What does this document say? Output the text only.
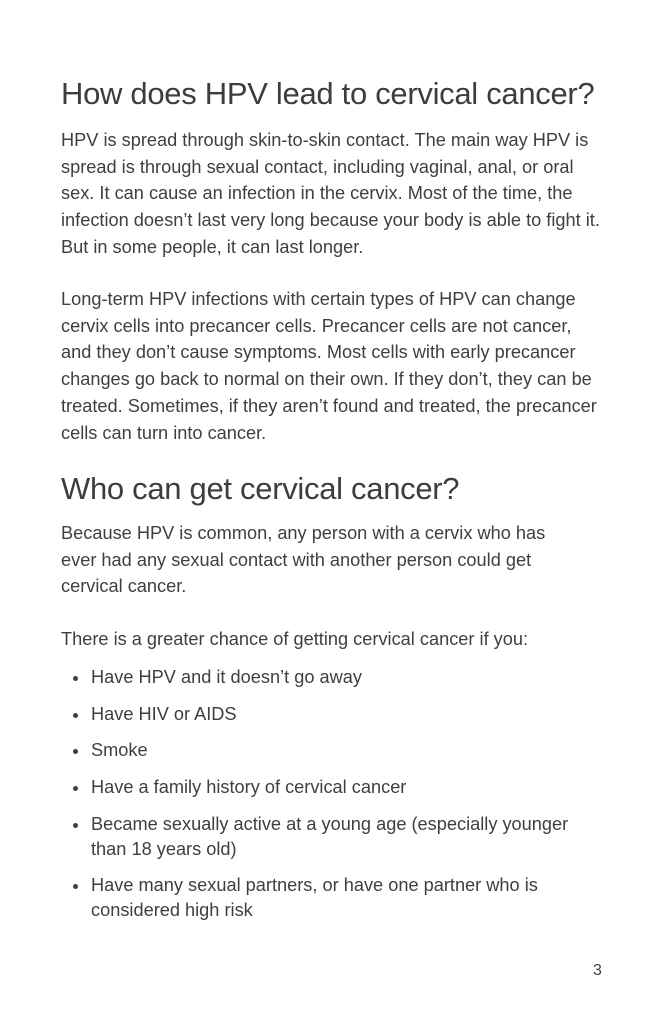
How does HPV lead to cervical cancer?

HPV is spread through skin-to-skin contact. The main way HPV is spread is through sexual contact, including vaginal, anal, or oral sex. It can cause an infection in the cervix. Most of the time, the infection doesn’t last very long because your body is able to fight it. But in some people, it can last longer.

Long-term HPV infections with certain types of HPV can change cervix cells into precancer cells. Precancer cells are not cancer, and they don’t cause symptoms. Most cells with early precancer changes go back to normal on their own. If they don’t, they can be treated. Sometimes, if they aren’t found and treated, the precancer cells can turn into cancer.

Who can get cervical cancer?

Because HPV is common, any person with a cervix who has ever had any sexual contact with another person could get cervical cancer.

There is a greater chance of getting cervical cancer if you:

Have HPV and it doesn’t go away
Have HIV or AIDS
Smoke
Have a family history of cervical cancer
Became sexually active at a young age (especially younger than 18 years old)
Have many sexual partners, or have one partner who is considered high risk
3
